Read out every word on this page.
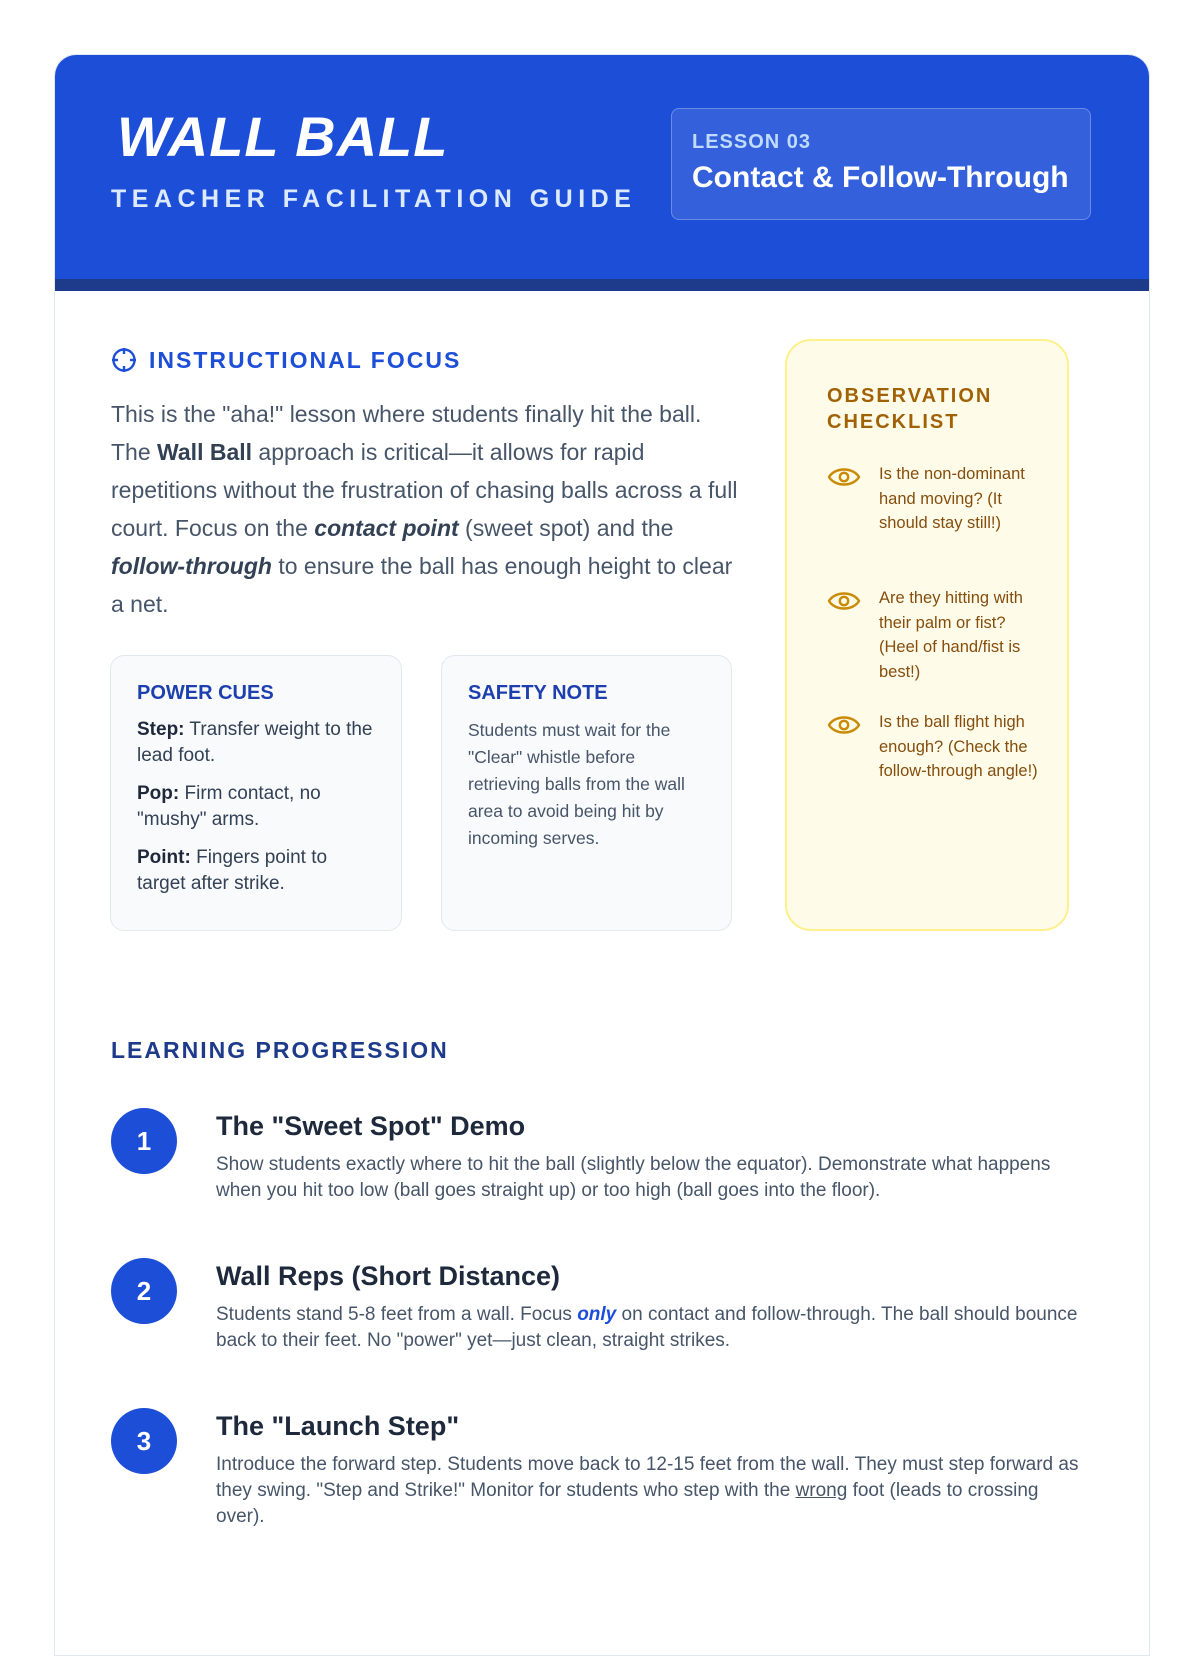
WALL BALL
TEACHER FACILITATION GUIDE
LESSON 03
Contact & Follow-Through
INSTRUCTIONAL FOCUS

This is the "aha!" lesson where students finally hit the ball. The Wall Ball approach is critical—it allows for rapid repetitions without the frustration of chasing balls across a full court. Focus on the contact point (sweet spot) and the follow-through to ensure the ball has enough height to clear a net.

POWER CUES

Step: Transfer weight to the lead foot.

Pop: Firm contact, no "mushy" arms.

Point: Fingers point to target after strike.

SAFETY NOTE

Students must wait for the "Clear" whistle before retrieving balls from the wall area to avoid being hit by incoming serves.

OBSERVATION CHECKLIST

Is the non-dominant hand moving? (It should stay still!)

Are they hitting with their palm or fist? (Heel of hand/fist is best!)

Is the ball flight high enough? (Check the follow-through angle!)

LEARNING PROGRESSION
1	The "Sweet Spot" Demo

Show students exactly where to hit the ball (slightly below the equator). Demonstrate what happens when you hit too low (ball goes straight up) or too high (ball goes into the floor).

2	Wall Reps (Short Distance)

Students stand 5-8 feet from a wall. Focus only on contact and follow-through. The ball should bounce back to their feet. No "power" yet—just clean, straight strikes.

3	The "Launch Step"

Introduce the forward step. Students move back to 12-15 feet from the wall. They must step forward as they swing. "Step and Strike!" Monitor for students who step with the wrong foot (leads to crossing over).
